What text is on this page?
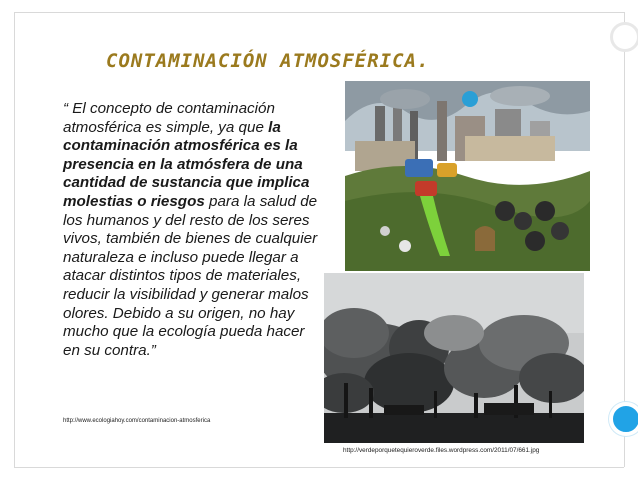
CONTAMINACIÓN ATMOSFÉRICA.
“ El concepto de contaminación atmosférica es simple, ya que la contaminación atmosférica es la presencia en la atmósfera de una cantidad de sustancia que implica molestias o riesgos para la salud de los humanos y del resto de los seres vivos, también de bienes de cualquier naturaleza e incluso puede llegar a atacar distintos tipos de materiales, reducir la visibilidad y generar malos olores. Debido a su origen, no hay mucho que la ecología pueda hacer en su contra.”
http://www.ecologiahoy.com/contaminacion-atmosferica
http://verdeporquetequieroverde.files.wordpress.com/2011/07/661.jpg
